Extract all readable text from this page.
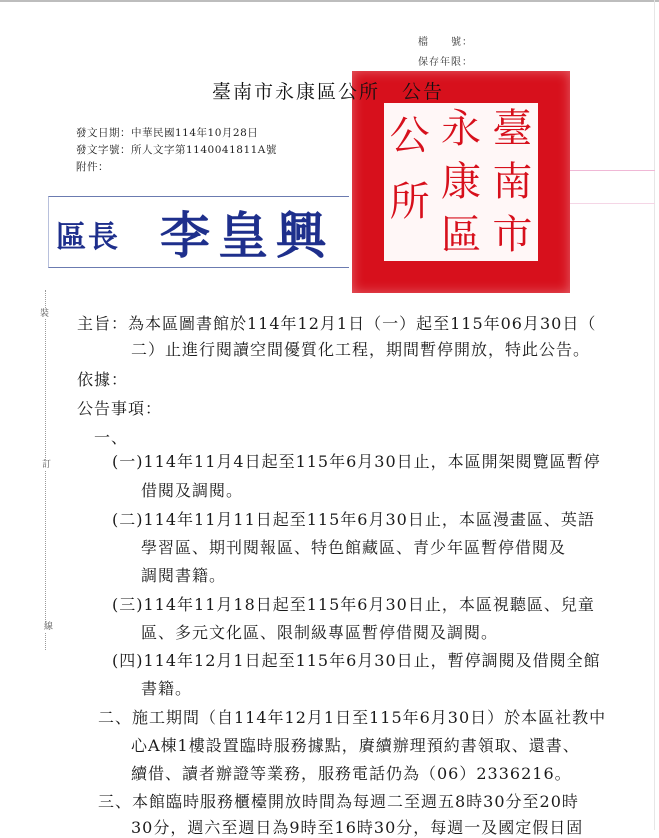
裝
訂
線
檔　　號：
保存年限：
臺
南
市
永
康
區
公
所
臺南市永康區公所 公告
發文日期：中華民國114年10月28日
發文字號：所人文字第1140041811A號
附件：
區長 李皇興
主旨：為本區圖書館於114年12月1日（一）起至115年06月30日（
二）止進行閱讀空間優質化工程，期間暫停開放，特此公告。
依據：
公告事項：
一、
(一)114年11月4日起至115年6月30日止，本區開架閱覽區暫停
借閱及調閱。
(二)114年11月11日起至115年6月30日止，本區漫畫區、英語
學習區、期刊閱報區、特色館藏區、青少年區暫停借閱及
調閱書籍。
(三)114年11月18日起至115年6月30日止，本區視聽區、兒童
區、多元文化區、限制級專區暫停借閱及調閱。
(四)114年12月1日起至115年6月30日止，暫停調閱及借閱全館
書籍。
二、施工期間（自114年12月1日至115年6月30日）於本區社教中
心A棟1樓設置臨時服務據點，賡續辦理預約書領取、還書、
續借、讀者辦證等業務，服務電話仍為（06）2336216。
三、本館臨時服務櫃檯開放時間為每週二至週五8時30分至20時
30分，週六至週日為9時至16時30分，每週一及國定假日固
